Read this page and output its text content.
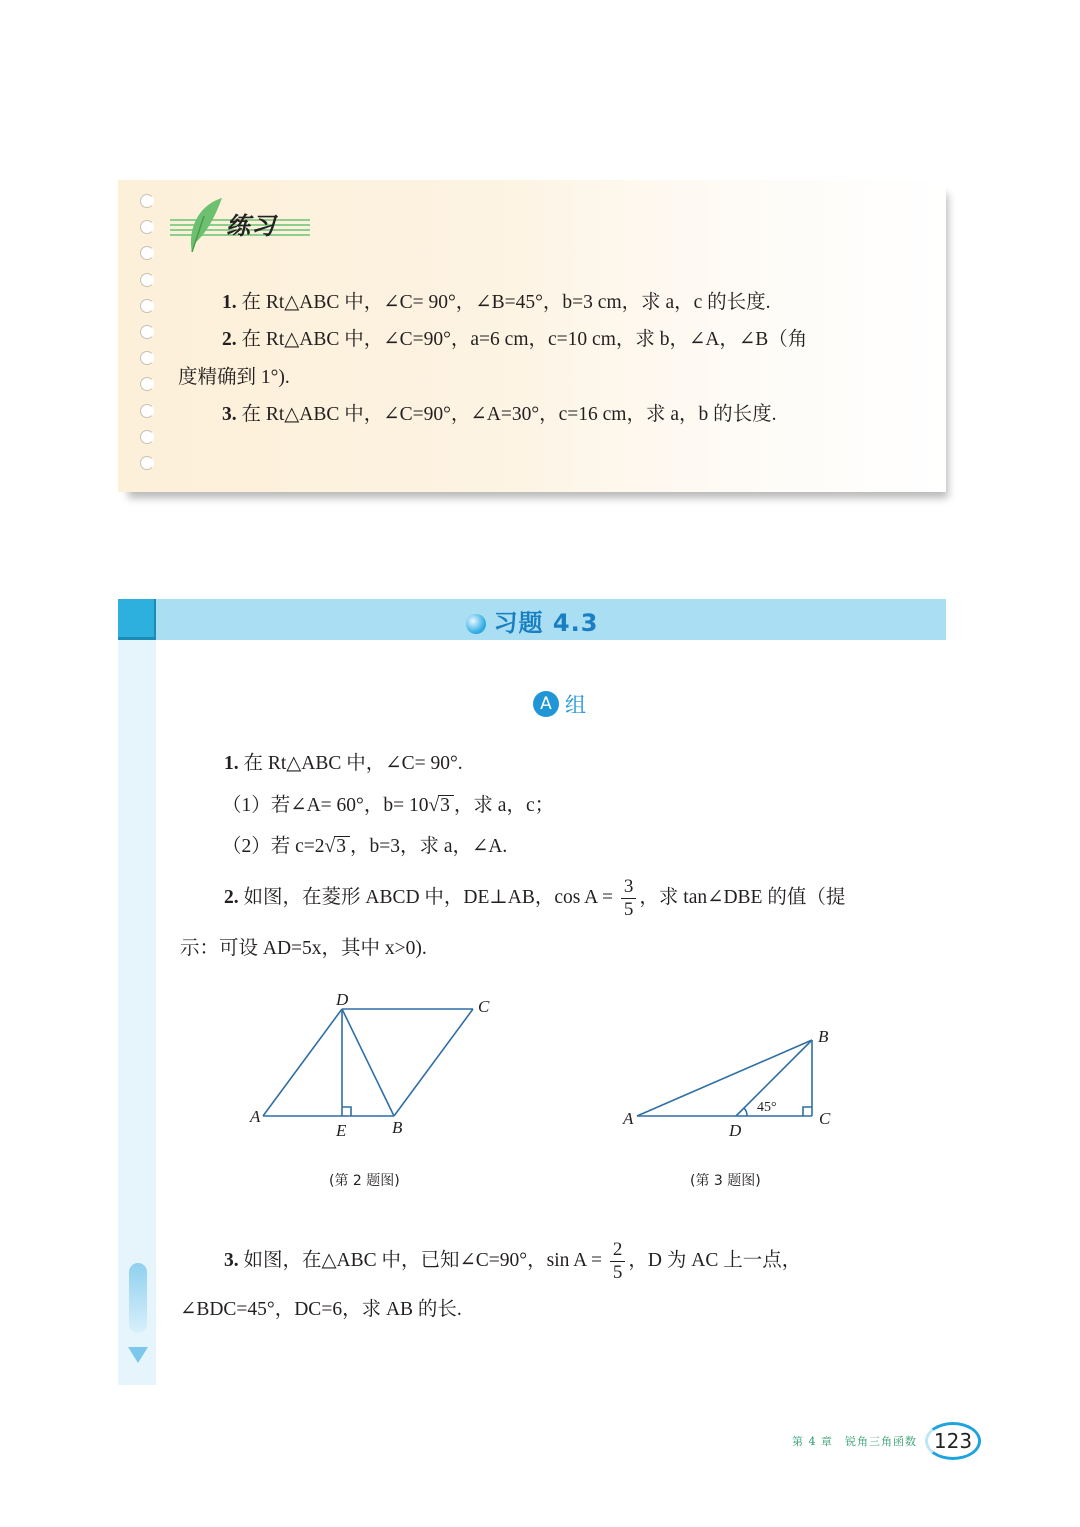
练习
1. 在 Rt△ABC 中，∠C= 90°，∠B=45°，b=3 cm，求 a，c 的长度.
2. 在 Rt△ABC 中，∠C=90°，a=6 cm，c=10 cm，求 b，∠A，∠B（角
度精确到 1°).
3. 在 Rt△ABC 中，∠C=90°，∠A=30°，c=16 cm，求 a，b 的长度.
习题 4.3
A 组
1. 在 Rt△ABC 中，∠C= 90°.
（1）若∠A= 60°，b= 10√3 ，求 a，c；
（2）若 c=2√3 ，b=3，求 a，∠A.
2. 如图，在菱形 ABCD 中，DE⊥AB，$\cos A = \frac{3}{5}$ ，求 tan∠DBE 的值（提
示：可设 AD=5x，其中 x>0).
D	C
A
E	B
(第 2 题图)
B
A
D
C
45°
(第 3 题图)
3. 如图，在△ABC 中，已知∠C=90°，$\sin A = \frac{2}{5}$ ，D 为 AC 上一点，
∠BDC=45°，DC=6，求 AB 的长.
第 4 章　锐角三角函数 123
